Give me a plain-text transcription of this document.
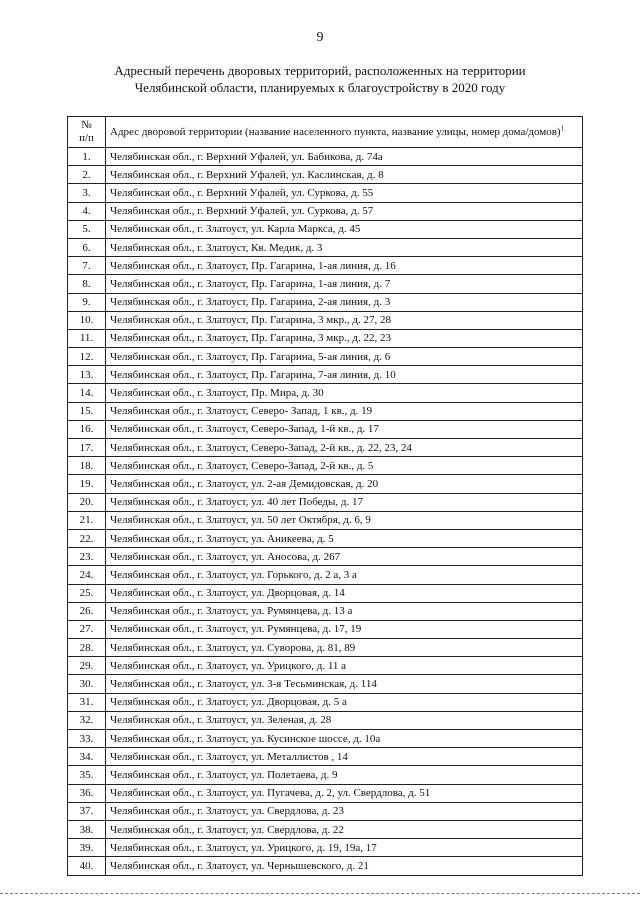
9
Адресный перечень дворовых территорий, расположенных на территории
Челябинской области, планируемых к благоустройству в 2020 году
№
п/п	Адрес дворовой территории (название населенного пункта, название улицы, номер дома/домов)$^1$
1.	Челябинская обл., г. Верхний Уфалей, ул. Бабикова, д. 74а
2.	Челябинская обл., г. Верхний Уфалей, ул. Каслинская, д. 8
3.	Челябинская обл., г. Верхний Уфалей, ул. Суркова, д. 55
4.	Челябинская обл., г. Верхний Уфалей, ул. Суркова, д. 57
5.	Челябинская обл., г. Златоуст, ул. Карла Маркса, д. 45
6.	Челябинская обл., г. Златоуст, Кв. Медик, д. 3
7.	Челябинская обл., г. Златоуст, Пр. Гагарина, 1-ая линия, д. 16
8.	Челябинская обл., г. Златоуст, Пр. Гагарина, 1-ая линия, д. 7
9.	Челябинская обл., г. Златоуст, Пр. Гагарина, 2-ая линия, д. 3
10.	Челябинская обл., г. Златоуст, Пр. Гагарина, 3 мкр., д. 27, 28
11.	Челябинская обл., г. Златоуст, Пр. Гагарина, 3 мкр., д. 22, 23
12.	Челябинская обл., г. Златоуст, Пр. Гагарина, 5-ая линия, д. 6
13.	Челябинская обл., г. Златоуст, Пр. Гагарина, 7-ая линия, д. 10
14.	Челябинская обл., г. Златоуст, Пр. Мира, д. 30
15.	Челябинская обл., г. Златоуст, Северо- Запад, 1 кв., д. 19
16.	Челябинская обл., г. Златоуст, Северо-Запад, 1-й кв., д. 17
17.	Челябинская обл., г. Златоуст, Северо-Запад, 2-й кв., д. 22, 23, 24
18.	Челябинская обл., г. Златоуст, Северо-Запад, 2-й кв., д. 5
19.	Челябинская обл., г. Златоуст, ул. 2-ая Демидовская, д. 20
20.	Челябинская обл., г. Златоуст, ул. 40 лет Победы, д. 17
21.	Челябинская обл., г. Златоуст, ул. 50 лет Октября, д. 6, 9
22.	Челябинская обл., г. Златоуст, ул. Аникеева, д. 5
23.	Челябинская обл., г. Златоуст, ул. Аносова, д. 267
24.	Челябинская обл., г. Златоуст, ул. Горького, д. 2 а, 3 а
25.	Челябинская обл., г. Златоуст, ул. Дворцовая, д. 14
26.	Челябинская обл., г. Златоуст, ул. Румянцева, д. 13 а
27.	Челябинская обл., г. Златоуст, ул. Румянцева, д. 17, 19
28.	Челябинская обл., г. Златоуст, ул. Суворова, д. 81, 89
29.	Челябинская обл., г. Златоуст, ул. Урицкого, д. 11 а
30.	Челябинская обл., г. Златоуст, ул. 3-я Тесьминская, д. 114
31.	Челябинская обл., г. Златоуст, ул. Дворцовая, д. 5 а
32.	Челябинская обл., г. Златоуст, ул. Зеленая, д. 28
33.	Челябинская обл., г. Златоуст, ул. Кусинское шоссе, д. 10а
34.	Челябинская обл., г. Златоуст, ул. Металлистов , 14
35.	Челябинская обл., г. Златоуст, ул. Полетаева, д. 9
36.	Челябинская обл., г. Златоуст, ул. Пугачева, д. 2, ул. Свердлова, д. 51
37.	Челябинская обл., г. Златоуст, ул. Свердлова, д. 23
38.	Челябинская обл., г. Златоуст, ул. Свердлова, д. 22
39.	Челябинская обл., г. Златоуст, ул. Урицкого, д. 19, 19а, 17
40.	Челябинская обл., г. Златоуст, ул. Чернышевского, д. 21
